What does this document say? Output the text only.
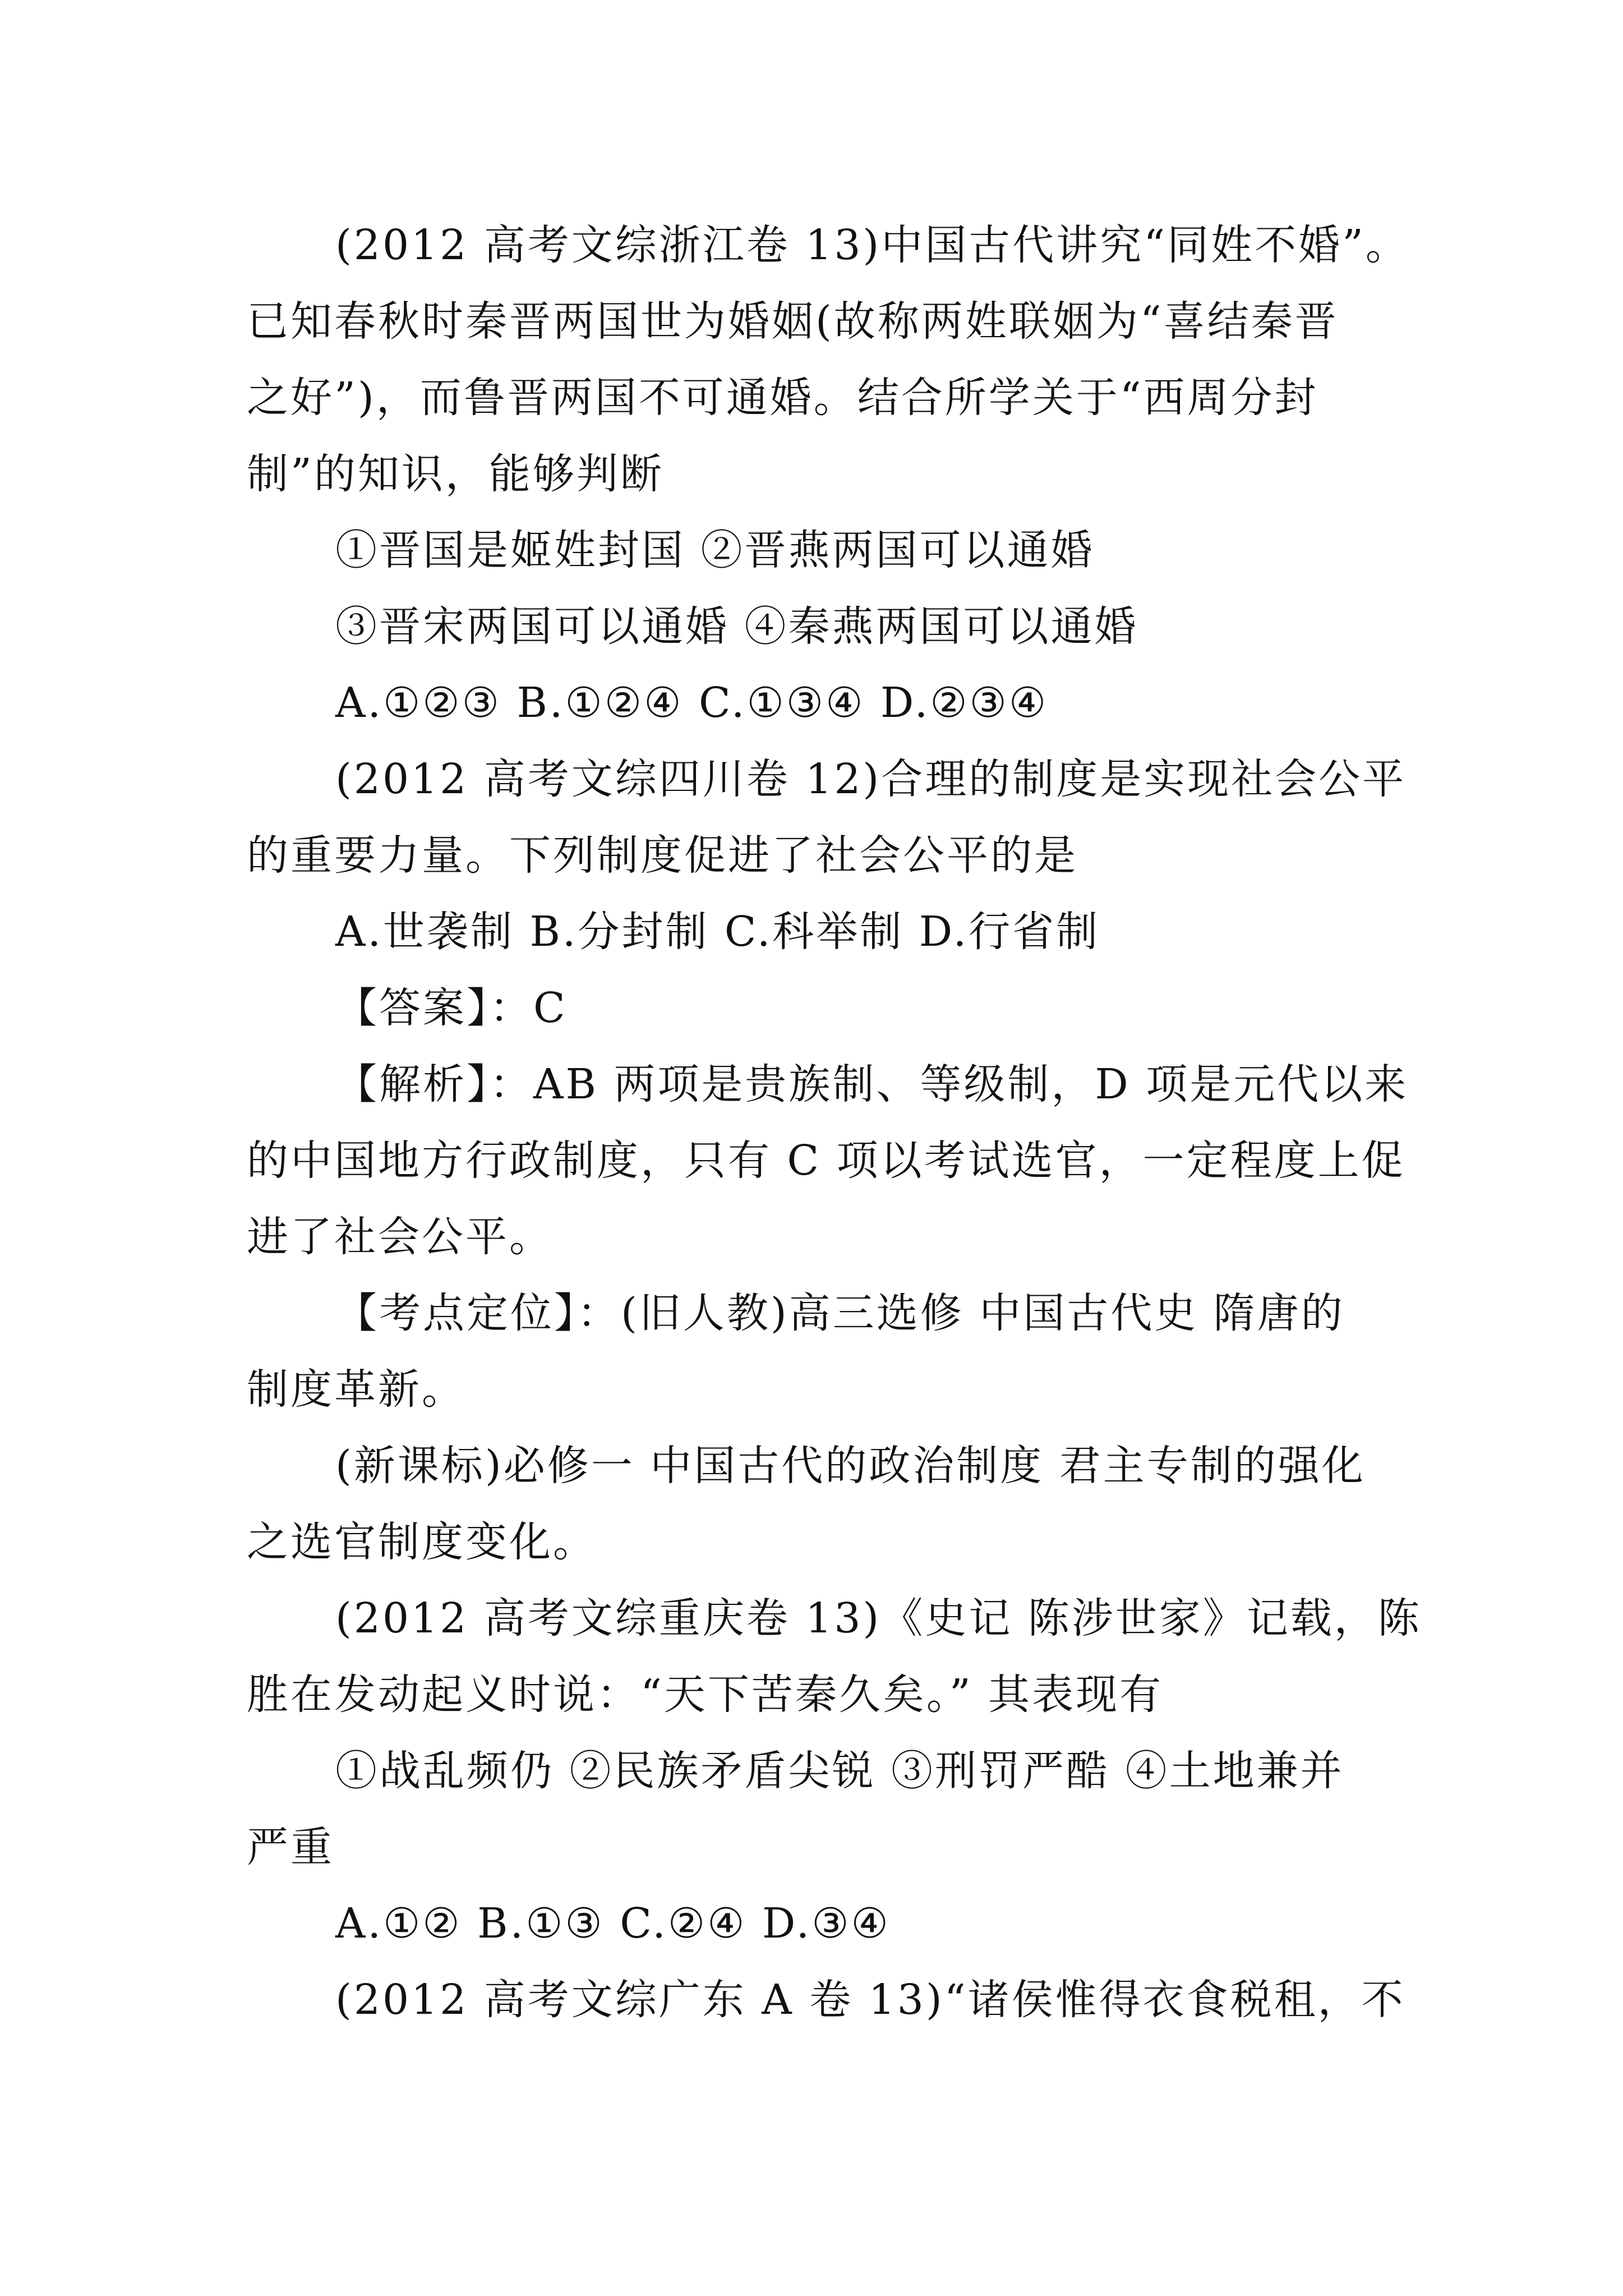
(2012 高考文综浙江卷 13)中国古代讲究“同姓不婚”。
已知春秋时秦晋两国世为婚姻(故称两姓联姻为“喜结秦晋
之好”)，而鲁晋两国不可通婚。结合所学关于“西周分封
制”的知识，能够判断
①晋国是姬姓封国 ②晋燕两国可以通婚
③晋宋两国可以通婚 ④秦燕两国可以通婚
A.①②③ B.①②④ C.①③④ D.②③④
(2012 高考文综四川卷 12)合理的制度是实现社会公平
的重要力量。下列制度促进了社会公平的是
A.世袭制 B.分封制 C.科举制 D.行省制
【答案】：C
【解析】：AB 两项是贵族制、等级制，D 项是元代以来
的中国地方行政制度，只有 C 项以考试选官，一定程度上促
进了社会公平。
【考点定位】：(旧人教)高三选修 中国古代史 隋唐的
制度革新。
(新课标)必修一 中国古代的政治制度 君主专制的强化
之选官制度变化。
(2012 高考文综重庆卷 13)《史记 陈涉世家》记载，陈
胜在发动起义时说：“天下苦秦久矣。” 其表现有
①战乱频仍 ②民族矛盾尖锐 ③刑罚严酷 ④土地兼并
严重
A.①② B.①③ C.②④ D.③④
(2012 高考文综广东 A 卷 13)“诸侯惟得衣食税租，不
